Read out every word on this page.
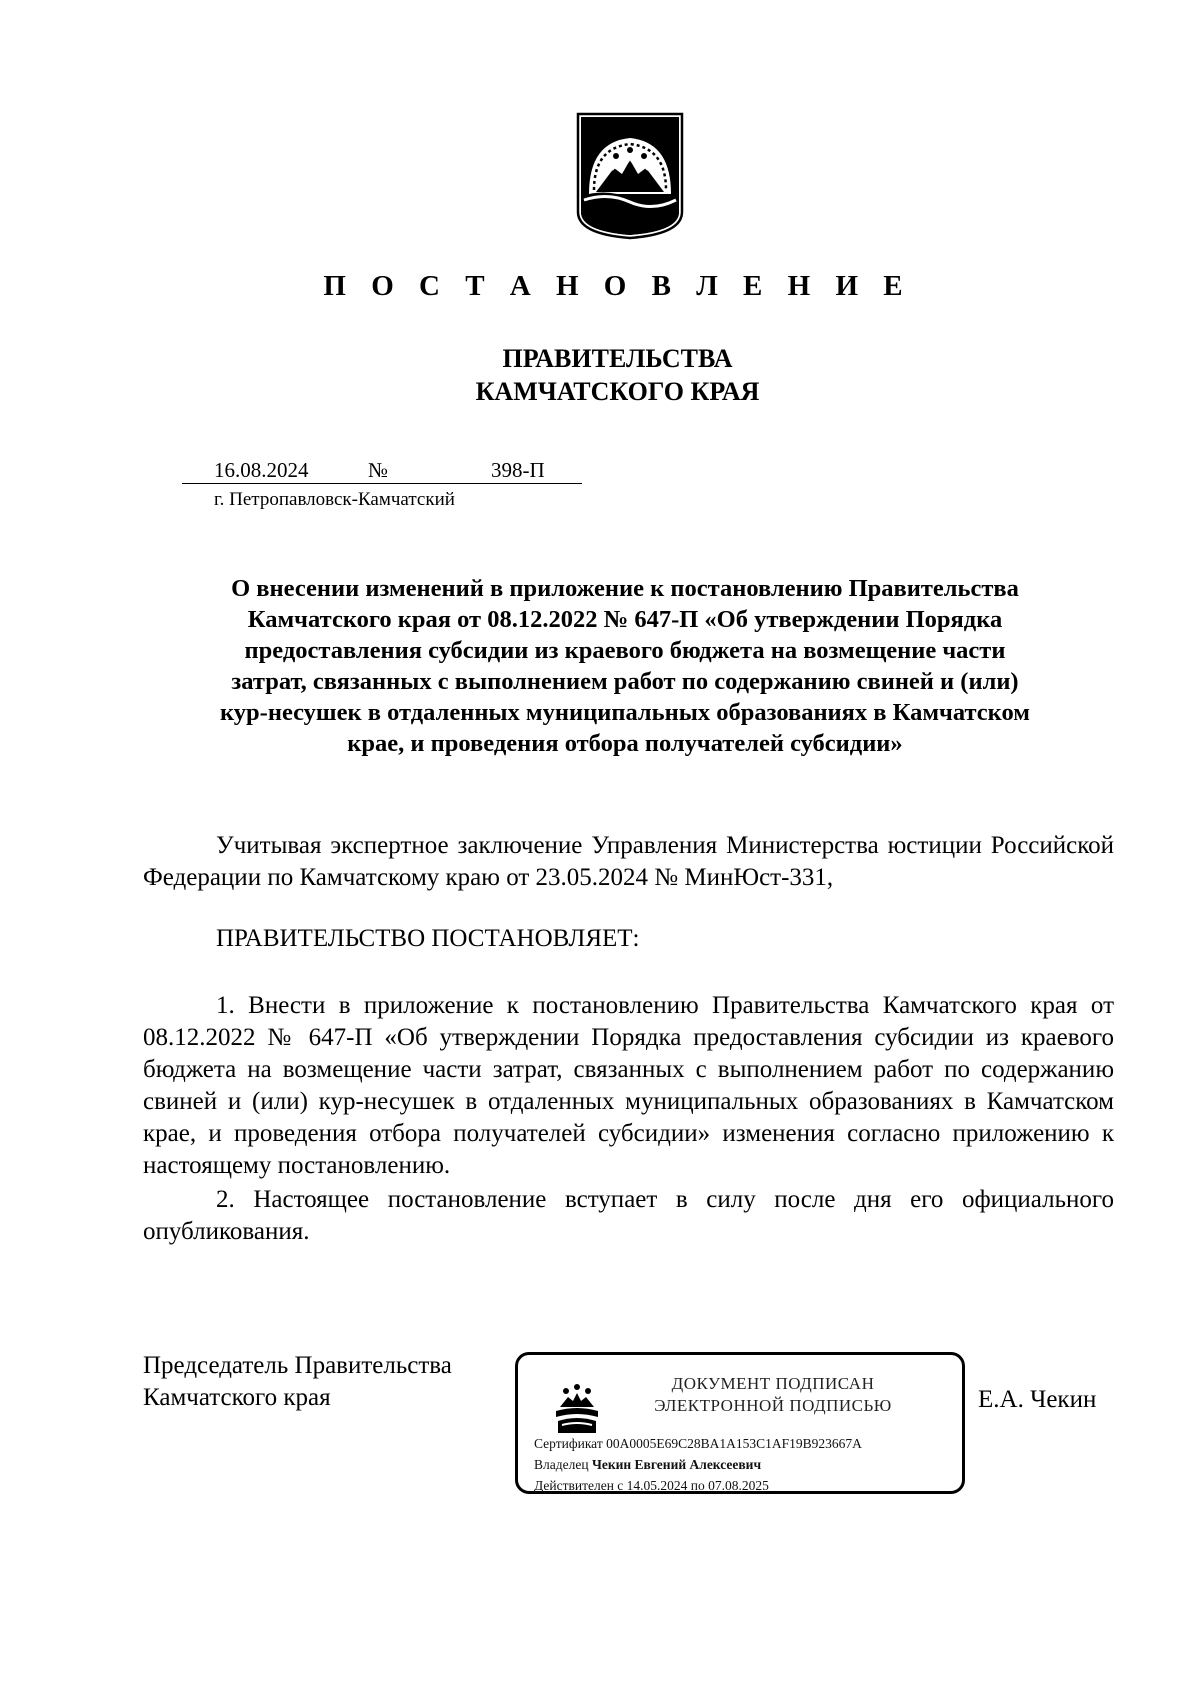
П О С Т А Н О В Л Е Н И Е
ПРАВИТЕЛЬСТВА
КАМЧАТСКОГО КРАЯ
16.08.2024	№	398-П
г. Петропавловск-Камчатский
О внесении изменений в приложение к постановлению Правительства
Камчатского края от 08.12.2022 № 647-П «Об утверждении Порядка
предоставления субсидии из краевого бюджета на возмещение части
затрат, связанных с выполнением работ по содержанию свиней и (или)
кур-несушек в отдаленных муниципальных образованиях в Камчатском
крае, и проведения отбора получателей субсидии»
Учитывая экспертное заключение Управления Министерства юстиции Российской Федерации по Камчатскому краю от 23.05.2024 № МинЮст-331,
ПРАВИТЕЛЬСТВО ПОСТАНОВЛЯЕТ:
1. Внести в приложение к постановлению Правительства Камчатского края от 08.12.2022 № 647-П «Об утверждении Порядка предоставления субсидии из краевого бюджета на возмещение части затрат, связанных с выполнением работ по содержанию свиней и (или) кур-несушек в отдаленных муниципальных образованиях в Камчатском крае, и проведения отбора получателей субсидии» изменения согласно приложению к настоящему постановлению.
2. Настоящее постановление вступает в силу после дня его официального опубликования.
Председатель Правительства
Камчатского края
ДОКУМЕНТ ПОДПИСАН
ЭЛЕКТРОННОЙ ПОДПИСЬЮ
Сертификат 00A0005E69C28BA1A153C1AF19B923667A
Владелец Чекин Евгений Алексеевич
Действителен с 14.05.2024 по 07.08.2025
Е.А. Чекин
